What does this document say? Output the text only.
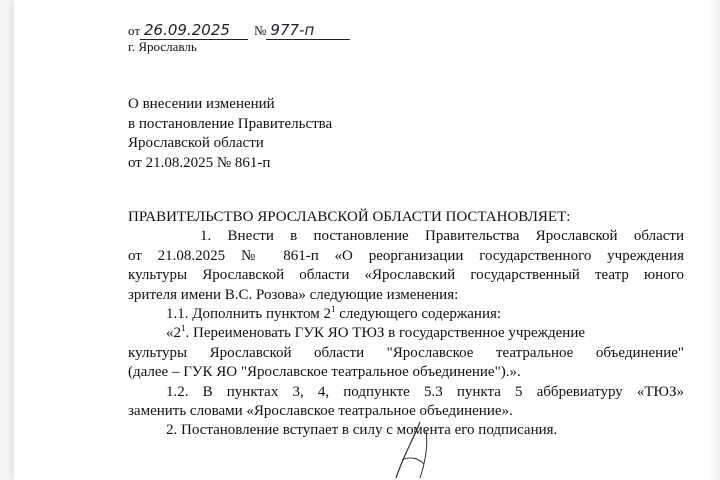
от 26.09.2025	№ 977-п
г. Ярославль
О внесении изменений
в постановление Правительства
Ярославской области
от 21.08.2025 № 861-п
ПРАВИТЕЛЬСТВО ЯРОСЛАВСКОЙ ОБЛАСТИ ПОСТАНОВЛЯЕТ:
1. Внести в постановление Правительства Ярославской области
от 21.08.2025 № 861-п «О реорганизации государственного учреждения
культуры Ярославской области «Ярославский государственный театр юного
зрителя имени В.С. Розова» следующие изменения:
1.1. Дополнить пунктом $2^1$ следующего содержания:
«$2^1$. Переименовать ГУК ЯО ТЮЗ в государственное учреждение
культуры Ярославской области "Ярославское театральное объединение"
(далее – ГУК ЯО "Ярославское театральное объединение").».
1.2. В пунктах 3, 4, подпункте 5.3 пункта 5 аббревиатуру «ТЮЗ»
заменить словами «Ярославское театральное объединение».
2. Постановление вступает в силу с момента его подписания.
